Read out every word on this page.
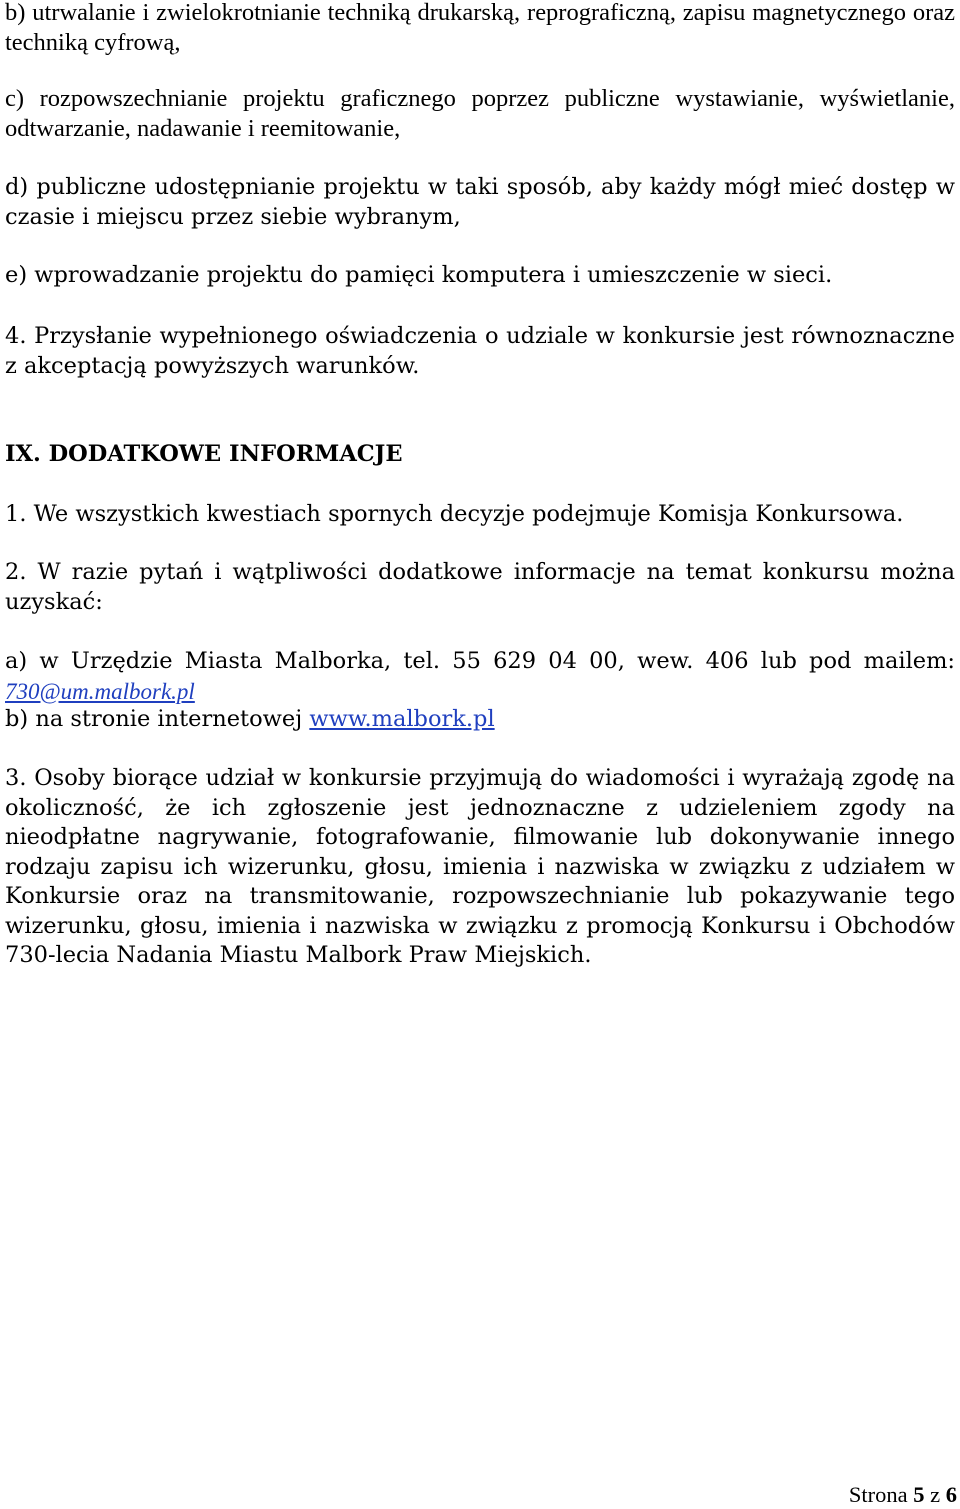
b) utrwalanie i zwielokrotnianie techniką drukarską, reprograficzną, zapisu magnetycznego oraz techniką cyfrową,

c) rozpowszechnianie projektu graficznego poprzez publiczne wystawianie, wyświetlanie, odtwarzanie, nadawanie i reemitowanie,

d) publiczne udostępnianie projektu w taki sposób, aby każdy mógł mieć dostęp w czasie i miejscu przez siebie wybranym,

e) wprowadzanie projektu do pamięci komputera i umieszczenie w sieci.

4. Przysłanie wypełnionego oświadczenia o udziale w konkursie jest równoznaczne z akceptacją powyższych warunków.

IX. DODATKOWE INFORMACJE

1. We wszystkich kwestiach spornych decyzje podejmuje Komisja Konkursowa.

2. W razie pytań i wątpliwości dodatkowe informacje na temat konkursu można uzyskać:

a) w Urzędzie Miasta Malborka, tel. 55 629 04 00, wew. 406 lub pod mailem: 730@um.malbork.pl

b) na stronie internetowej www.malbork.pl

3. Osoby biorące udział w konkursie przyjmują do wiadomości i wyrażają zgodę na okoliczność, że ich zgłoszenie jest jednoznaczne z udzieleniem zgody na nieodpłatne nagrywanie, fotografowanie, filmowanie lub dokonywanie innego rodzaju zapisu ich wizerunku, głosu, imienia i nazwiska w związku z udziałem w Konkursie oraz na transmitowanie, rozpowszechnianie lub pokazywanie tego wizerunku, głosu, imienia i nazwiska w związku z promocją Konkursu i Obchodów 730-lecia Nadania Miastu Malbork Praw Miejskich.

Strona 5 z 6
